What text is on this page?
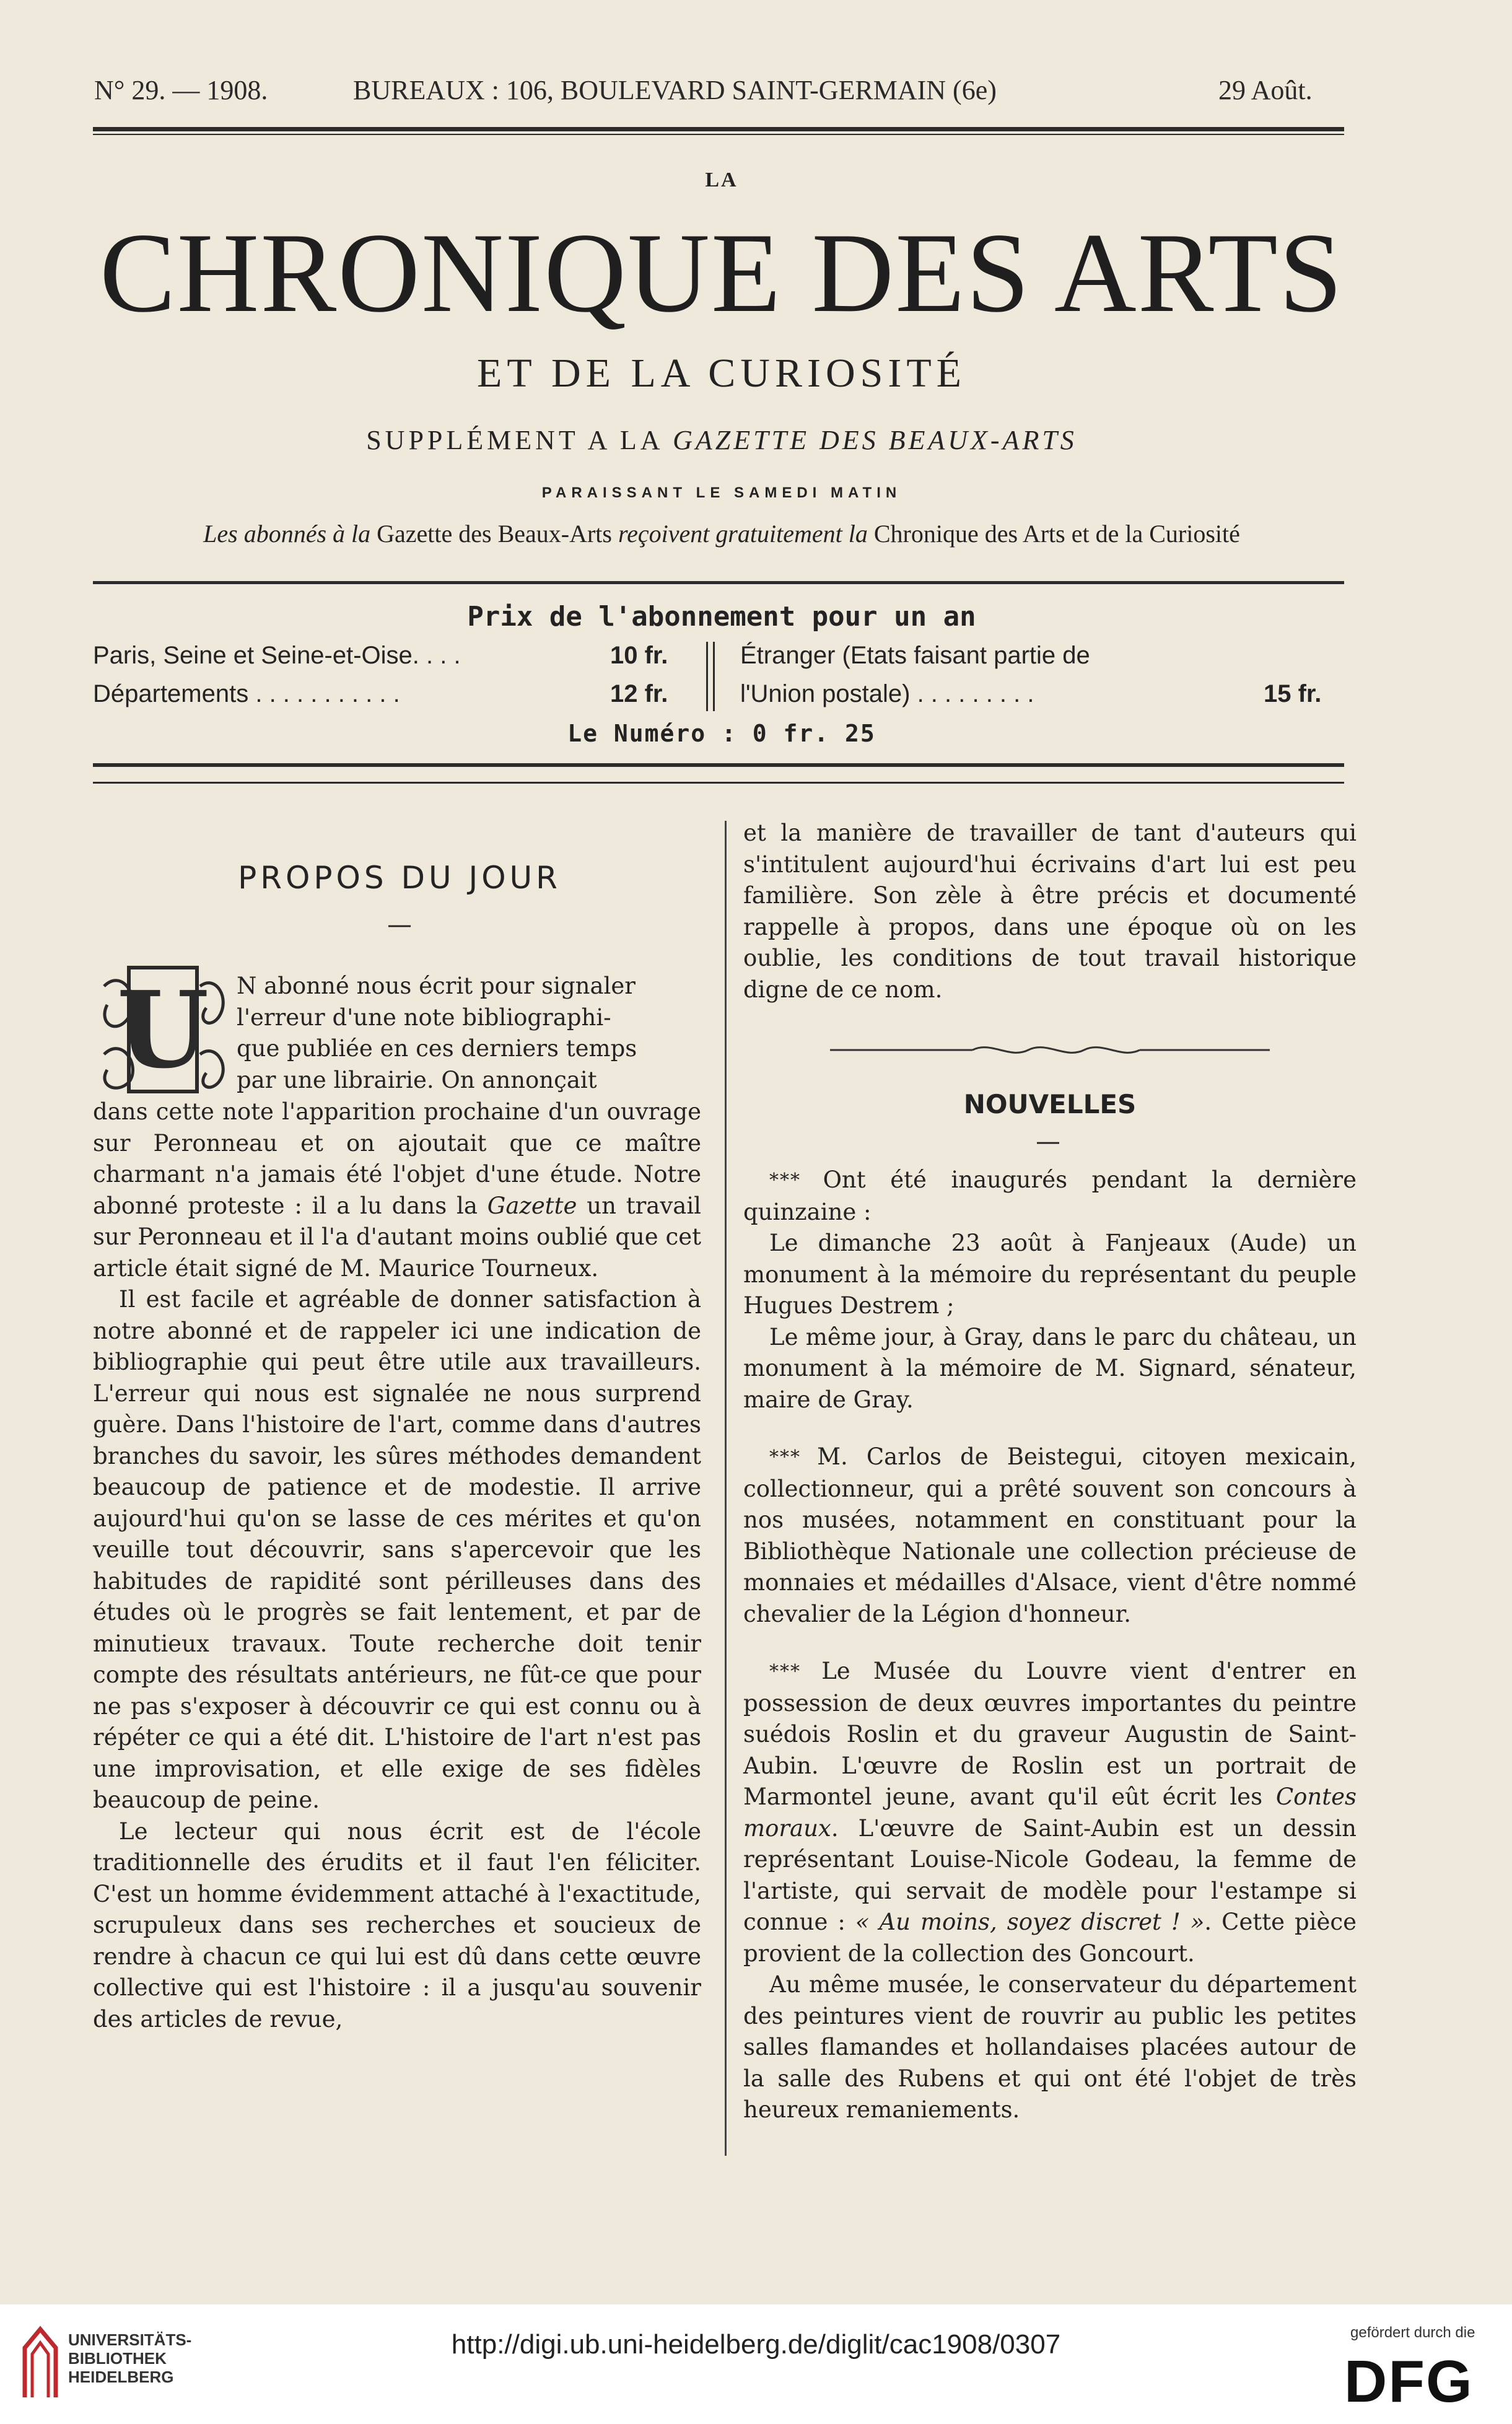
N° 29. — 1908.	BUREAUX : 106, BOULEVARD SAINT-GERMAIN (6e)	29 Août.
LA
CHRONIQUE DES ARTS
ET DE LA CURIOSITÉ
SUPPLÉMENT A LA GAZETTE DES BEAUX-ARTS
PARAISSANT LE SAMEDI MATIN
Les abonnés à la Gazette des Beaux-Arts reçoivent gratuitement la Chronique des Arts et de la Curiosité
Prix de l'abonnement pour un an
Paris, Seine et Seine-et-Oise. . . .	10 fr.
Départements . . . . . . . . . . .	12 fr.
Étranger (Etats faisant partie de
l'Union postale) . . . . . . . . .	15 fr.
Le Numéro : 0 fr. 25
PROPOS DU JOUR
—
U N abonné nous écrit pour signaler

l'erreur d'une note bibliographi-

que publiée en ces derniers temps

par une librairie. On annonçait

dans cette note l'apparition prochaine d'un ouvrage sur Peronneau et on ajoutait que ce maître charmant n'a jamais été l'objet d'une étude. Notre abonné proteste : il a lu dans la Gazette un travail sur Peronneau et il l'a d'autant moins oublié que cet article était signé de M. Maurice Tourneux.

Il est facile et agréable de donner satisfaction à notre abonné et de rappeler ici une indication de bibliographie qui peut être utile aux travailleurs. L'erreur qui nous est signalée ne nous surprend guère. Dans l'histoire de l'art, comme dans d'autres branches du savoir, les sûres méthodes demandent beaucoup de patience et de modestie. Il arrive aujourd'hui qu'on se lasse de ces mérites et qu'on veuille tout découvrir, sans s'apercevoir que les habitudes de rapidité sont périlleuses dans des études où le progrès se fait lentement, et par de minutieux travaux. Toute recherche doit tenir compte des résultats antérieurs, ne fût-ce que pour ne pas s'exposer à découvrir ce qui est connu ou à répéter ce qui a été dit. L'histoire de l'art n'est pas une improvisation, et elle exige de ses fidèles beaucoup de peine.

Le lecteur qui nous écrit est de l'école traditionnelle des érudits et il faut l'en féliciter. C'est un homme évidemment attaché à l'exactitude, scrupuleux dans ses recherches et soucieux de rendre à chacun ce qui lui est dû dans cette œuvre collective qui est l'histoire : il a jusqu'au souvenir des articles de revue,

et la manière de travailler de tant d'auteurs qui s'intitulent aujourd'hui écrivains d'art lui est peu familière. Son zèle à être précis et documenté rappelle à propos, dans une époque où on les oublie, les conditions de tout travail historique digne de ce nom.

NOUVELLES
—

* * * Ont été inaugurés pendant la dernière quinzaine :

Le dimanche 23 août à Fanjeaux (Aude) un monument à la mémoire du représentant du peuple Hugues Destrem ;

Le même jour, à Gray, dans le parc du château, un monument à la mémoire de M. Signard, sénateur, maire de Gray.

* * * M. Carlos de Beistegui, citoyen mexicain, collectionneur, qui a prêté souvent son concours à nos musées, notamment en constituant pour la Bibliothèque Nationale une collection précieuse de monnaies et médailles d'Alsace, vient d'être nommé chevalier de la Légion d'honneur.

* * * Le Musée du Louvre vient d'entrer en possession de deux œuvres importantes du peintre suédois Roslin et du graveur Augustin de Saint-Aubin. L'œuvre de Roslin est un portrait de Marmontel jeune, avant qu'il eût écrit les Contes moraux. L'œuvre de Saint-Aubin est un dessin représentant Louise-Nicole Godeau, la femme de l'artiste, qui servait de modèle pour l'estampe si connue : « Au moins, soyez discret ! ». Cette pièce provient de la collection des Goncourt.

Au même musée, le conservateur du département des peintures vient de rouvrir au public les petites salles flamandes et hollandaises placées autour de la salle des Rubens et qui ont été l'objet de très heureux remaniements.

UNIVERSITÄTS-
BIBLIOTHEK
HEIDELBERG
http://digi.ub.uni-heidelberg.de/diglit/cac1908/0307	gefördert durch die
DFG
